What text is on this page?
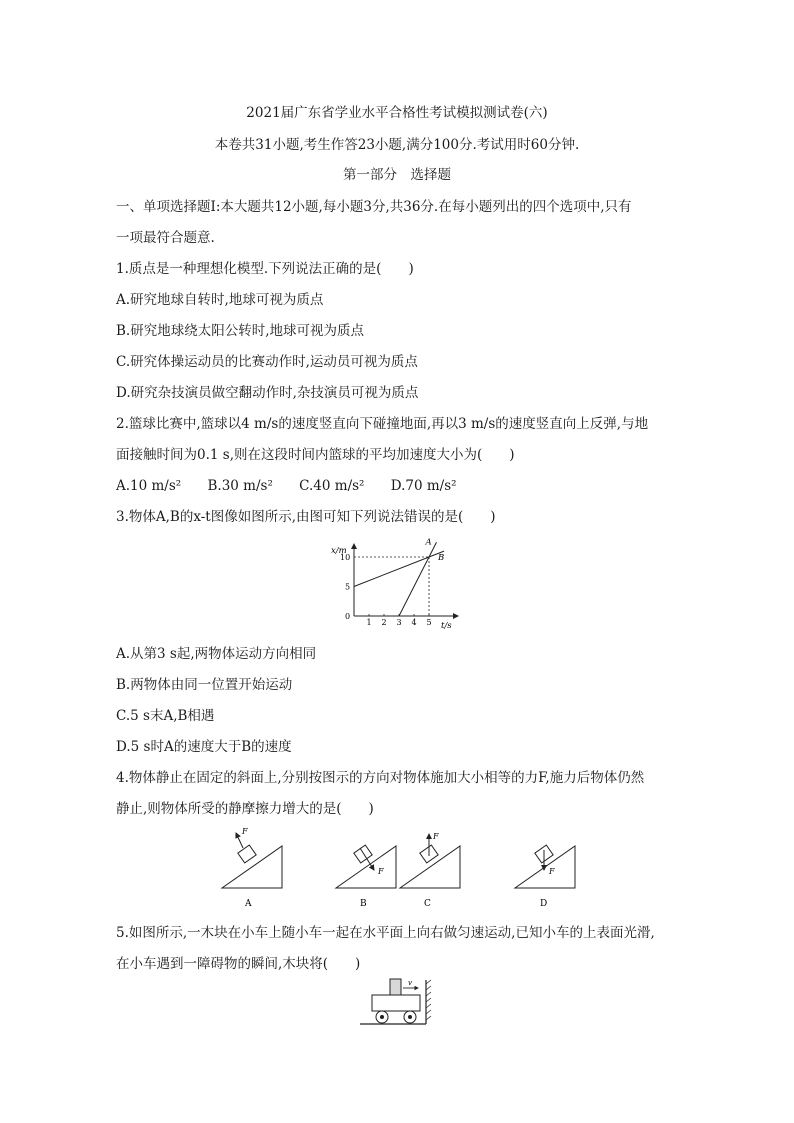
2021届广东省学业水平合格性考试模拟测试卷(六)
本卷共31小题,考生作答23小题,满分100分.考试用时60分钟.
第一部分　选择题
一、单项选择题Ⅰ:本大题共12小题,每小题3分,共36分.在每小题列出的四个选项中,只有
一项最符合题意.
1.质点是一种理想化模型.下列说法正确的是(　　)
A.研究地球自转时,地球可视为质点
B.研究地球绕太阳公转时,地球可视为质点
C.研究体操运动员的比赛动作时,运动员可视为质点
D.研究杂技演员做空翻动作时,杂技演员可视为质点
2.篮球比赛中,篮球以4 m/s的速度竖直向下碰撞地面,再以3 m/s的速度竖直向上反弹,与地
面接触时间为0.1 s,则在这段时间内篮球的平均加速度大小为(　　)
A.10 m/s² B.30 m/s² C.40 m/s² D.70 m/s²
3.物体A,B的x-t图像如图所示,由图可知下列说法错误的是(　　)
x/m
t/s
1 2 3 4 5
0
5
10
A
B
A.从第3 s起,两物体运动方向相同
B.两物体由同一位置开始运动
C.5 s末A,B相遇
D.5 s时A的速度大于B的速度
4.物体静止在固定的斜面上,分别按图示的方向对物体施加大小相等的力F,施力后物体仍然
静止,则物体所受的静摩擦力增大的是(　　)
F
A
F
B
F
C
F
D
5.如图所示,一木块在小车上随小车一起在水平面上向右做匀速运动,已知小车的上表面光滑,
在小车遇到一障碍物的瞬间,木块将(　　)
v
